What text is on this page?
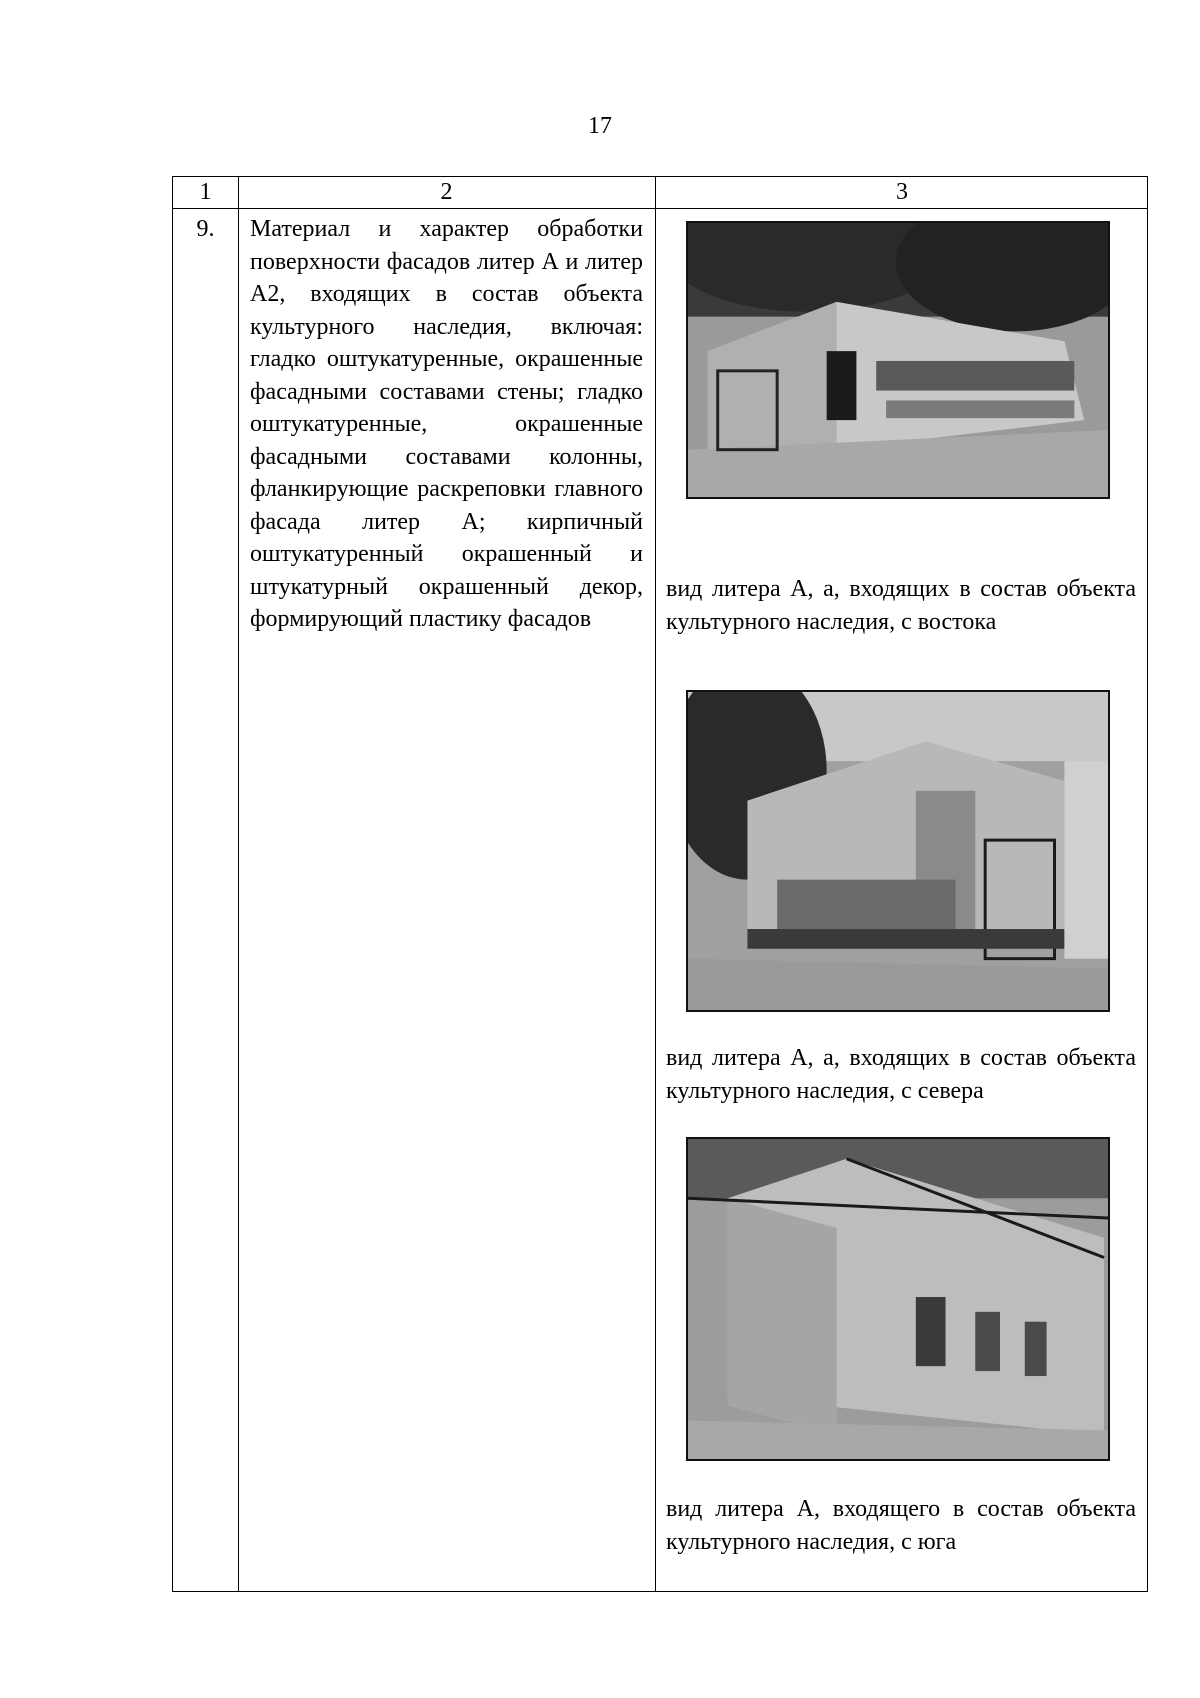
17
1	2	3
9.	Материал и характер обработки поверхности фасадов литер А и литер А2, входящих в состав объекта культурного наследия, включая: гладко оштукатуренные, окрашенные фасадными составами стены; гладко оштукатуренные, окрашенные фасадными составами колонны, фланкирующие раскреповки главного фасада литер А; кирпичный оштукатуренный окрашенный и штукатурный окрашенный декор, формирующий пластику фасадов
вид литера А, а, входящих в состав объекта культурного наследия, с востока
вид литера А, а, входящих в состав объекта культурного наследия, с севера
вид литера А, входящего в состав объекта культурного наследия, с юга
